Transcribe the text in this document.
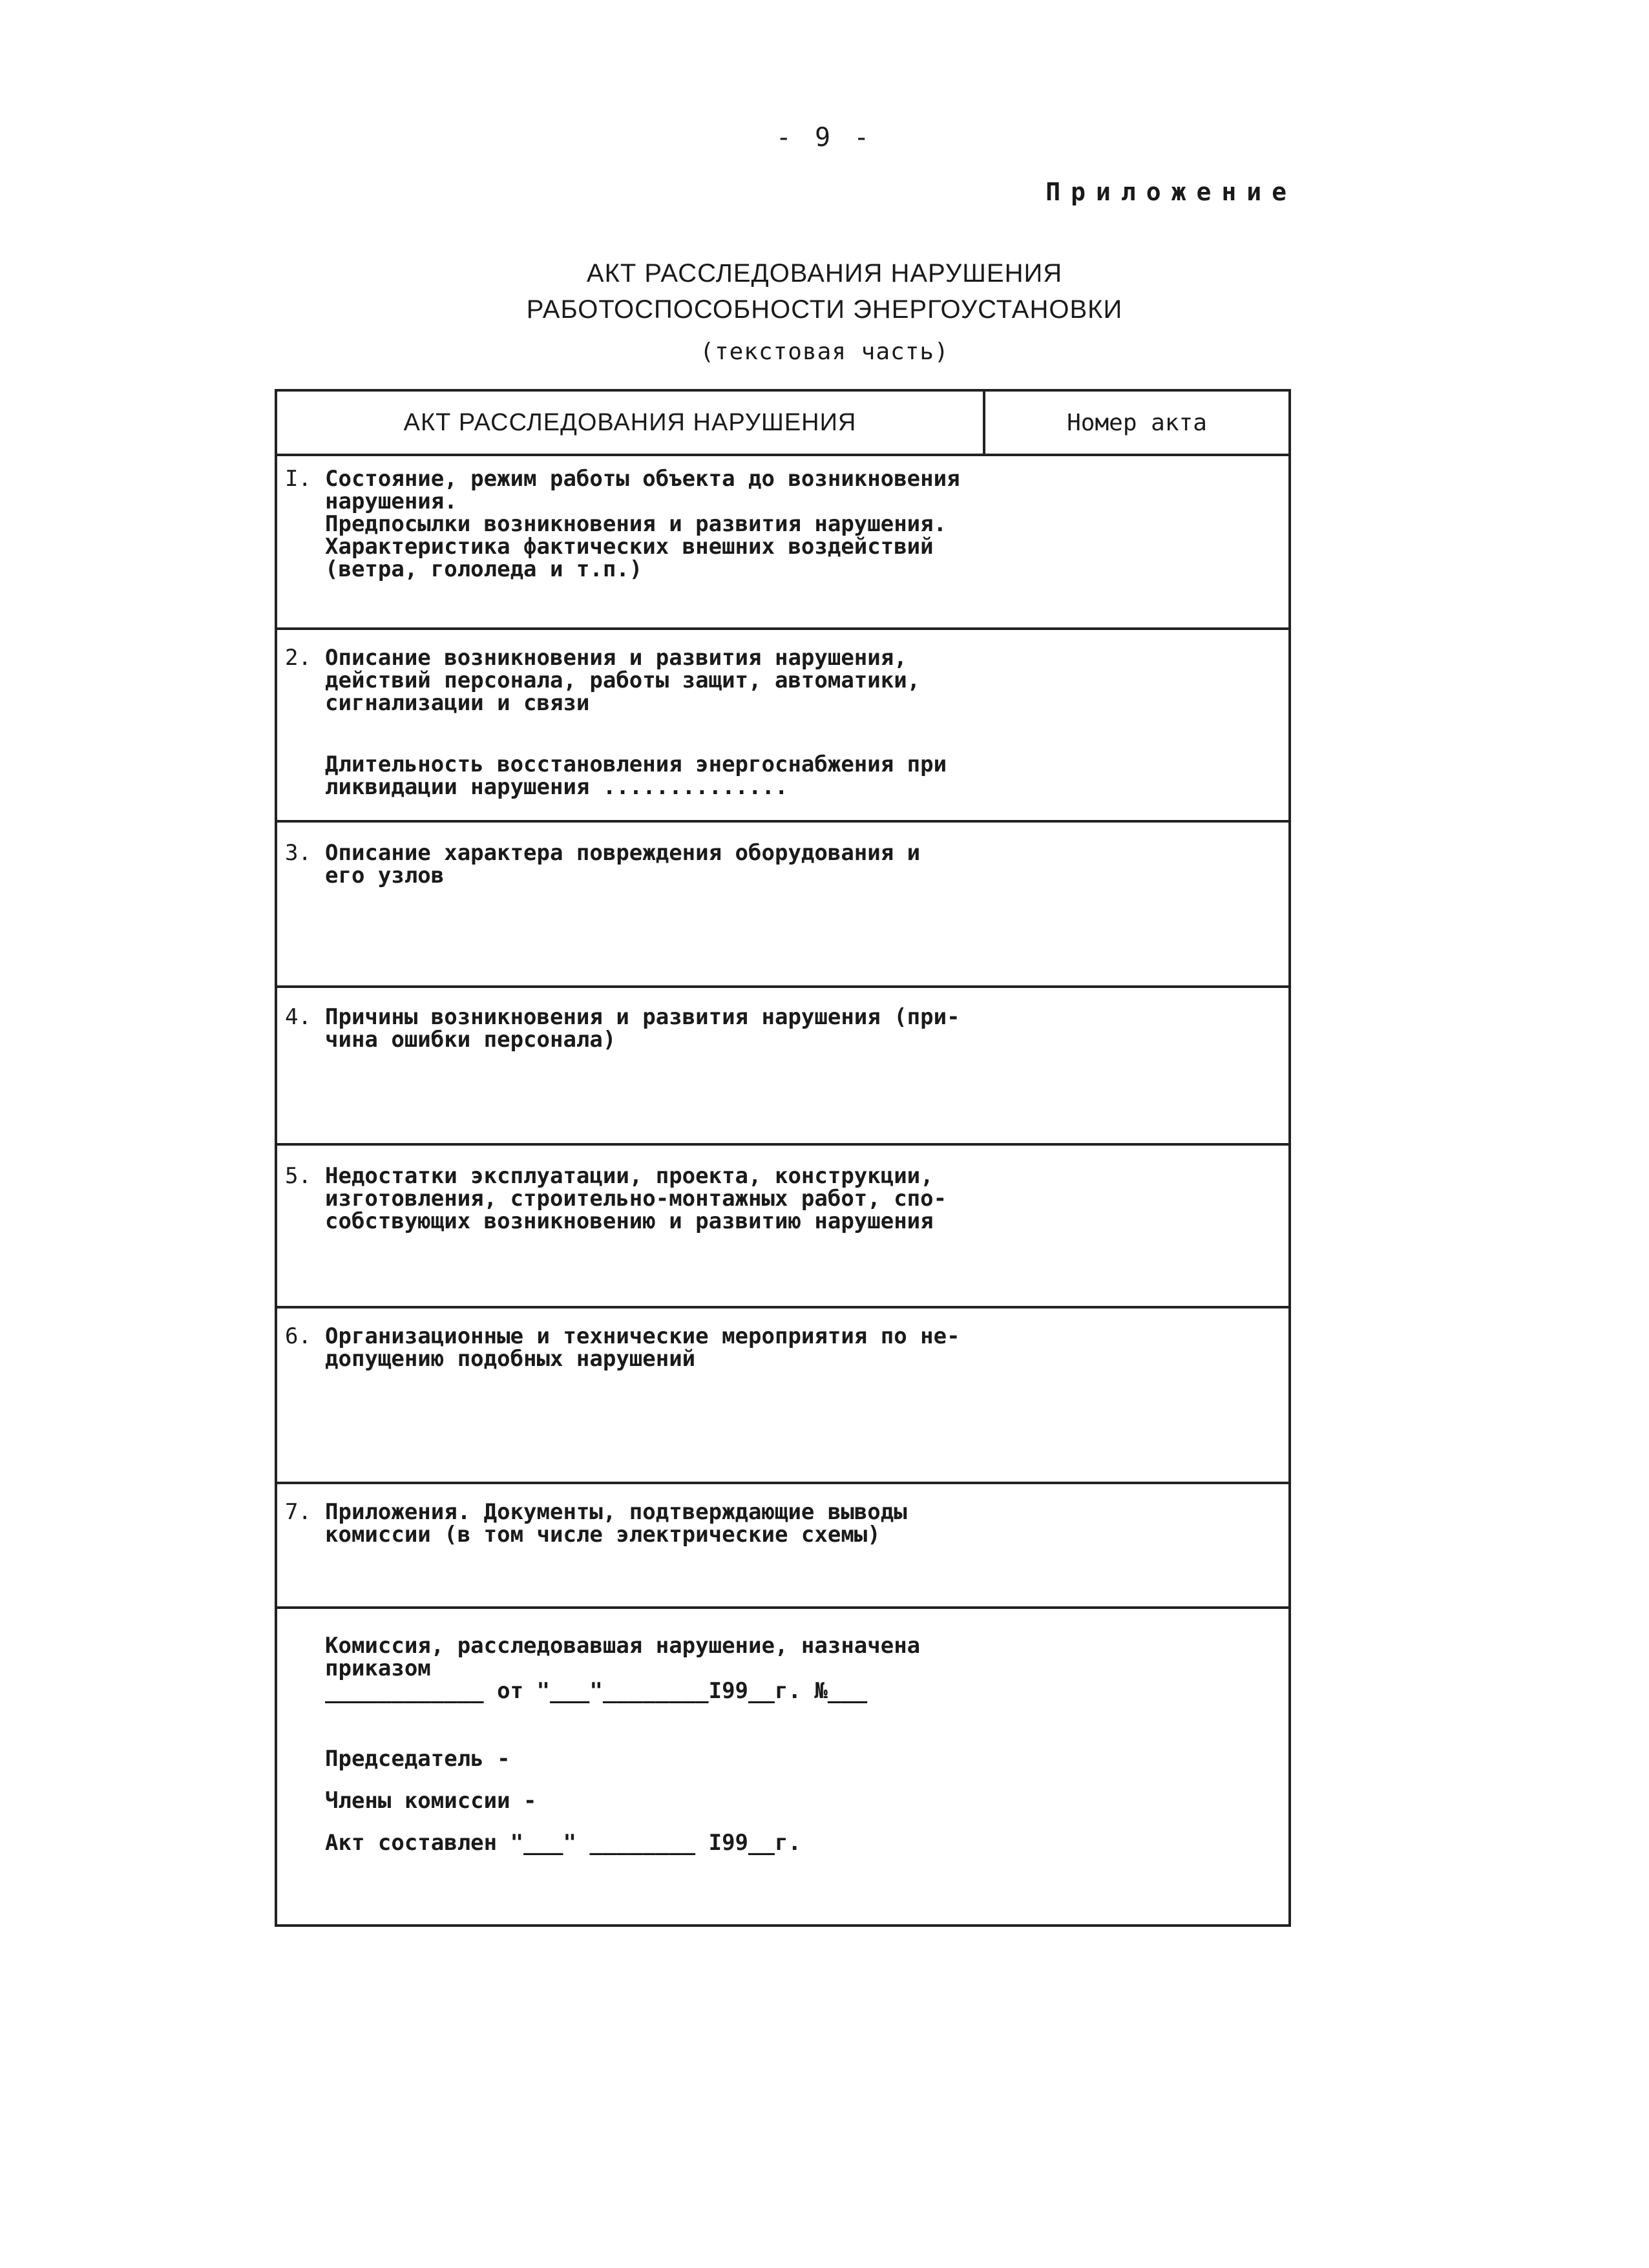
- 9 -
Приложение
АКТ РАССЛЕДОВАНИЯ НАРУШЕНИЯ
РАБОТОСПОСОБНОСТИ ЭНЕРГОУСТАНОВКИ
(текстовая часть)
АКТ РАССЛЕДОВАНИЯ НАРУШЕНИЯ	Номер акта
I. Состояние, режим работы объекта до возникновения
нарушения.
Предпосылки возникновения и развития нарушения.
Характеристика фактических внешних воздействий
(ветра, гололеда и т.п.)
2. Описание возникновения и развития нарушения,
действий персонала, работы защит, автоматики,
сигнализации и связи
Длительность восстановления энергоснабжения при
ликвидации нарушения ..............
3. Описание характера повреждения оборудования и
его узлов
4. Причины возникновения и развития нарушения (при-
чина ошибки персонала)
5. Недостатки эксплуатации, проекта, конструкции,
изготовления, строительно-монтажных работ, спо-
собствующих возникновению и развитию нарушения
6. Организационные и технические мероприятия по не-
допущению подобных нарушений
7. Приложения. Документы, подтверждающие выводы
комиссии (в том числе электрические схемы)
Комиссия, расследовавшая нарушение, назначена
приказом
____________ от "___"________I99__г. №___
Председатель -
Члены комиссии -
Акт составлен "___" ________ I99__г.
